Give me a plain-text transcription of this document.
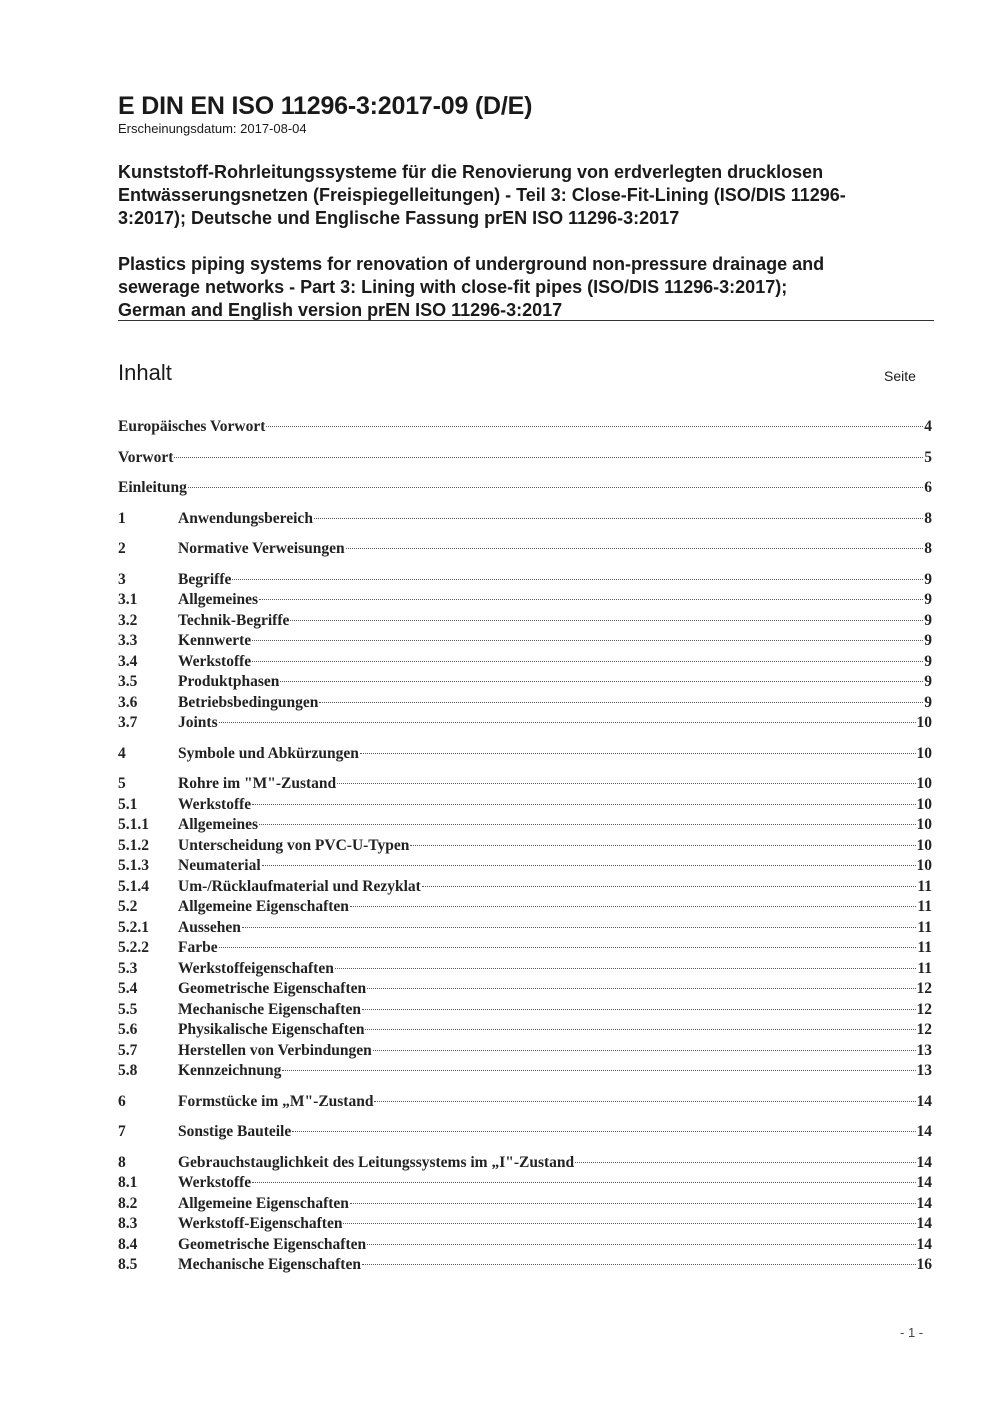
E DIN EN ISO 11296-3:2017-09 (D/E)
Erscheinungsdatum: 2017-08-04
Kunststoff-Rohrleitungssysteme für die Renovierung von erdverlegten drucklosen
Entwässerungsnetzen (Freispiegelleitungen) - Teil 3: Close-Fit-Lining (ISO/DIS 11296-
3:2017); Deutsche und Englische Fassung prEN ISO 11296-3:2017
Plastics piping systems for renovation of underground non-pressure drainage and
sewerage networks - Part 3: Lining with close-fit pipes (ISO/DIS 11296-3:2017);
German and English version prEN ISO 11296-3:2017
Inhalt	Seite
Europäisches Vorwort	4
Vorwort	5
Einleitung	6
1	Anwendungsbereich	8
2	Normative Verweisungen	8
3	Begriffe	9
3.1	Allgemeines	9
3.2	Technik-Begriffe	9
3.3	Kennwerte	9
3.4	Werkstoffe	9
3.5	Produktphasen	9
3.6	Betriebsbedingungen	9
3.7	Joints	10
4	Symbole und Abkürzungen	10
5	Rohre im "M"-Zustand	10
5.1	Werkstoffe	10
5.1.1	Allgemeines	10
5.1.2	Unterscheidung von PVC-U-Typen	10
5.1.3	Neumaterial	10
5.1.4	Um-/Rücklaufmaterial und Rezyklat	11
5.2	Allgemeine Eigenschaften	11
5.2.1	Aussehen	11
5.2.2	Farbe	11
5.3	Werkstoffeigenschaften	11
5.4	Geometrische Eigenschaften	12
5.5	Mechanische Eigenschaften	12
5.6	Physikalische Eigenschaften	12
5.7	Herstellen von Verbindungen	13
5.8	Kennzeichnung	13
6	Formstücke im „M"-Zustand	14
7	Sonstige Bauteile	14
8	Gebrauchstauglichkeit des Leitungssystems im „I"-Zustand	14
8.1	Werkstoffe	14
8.2	Allgemeine Eigenschaften	14
8.3	Werkstoff-Eigenschaften	14
8.4	Geometrische Eigenschaften	14
8.5	Mechanische Eigenschaften	16
- 1 -
